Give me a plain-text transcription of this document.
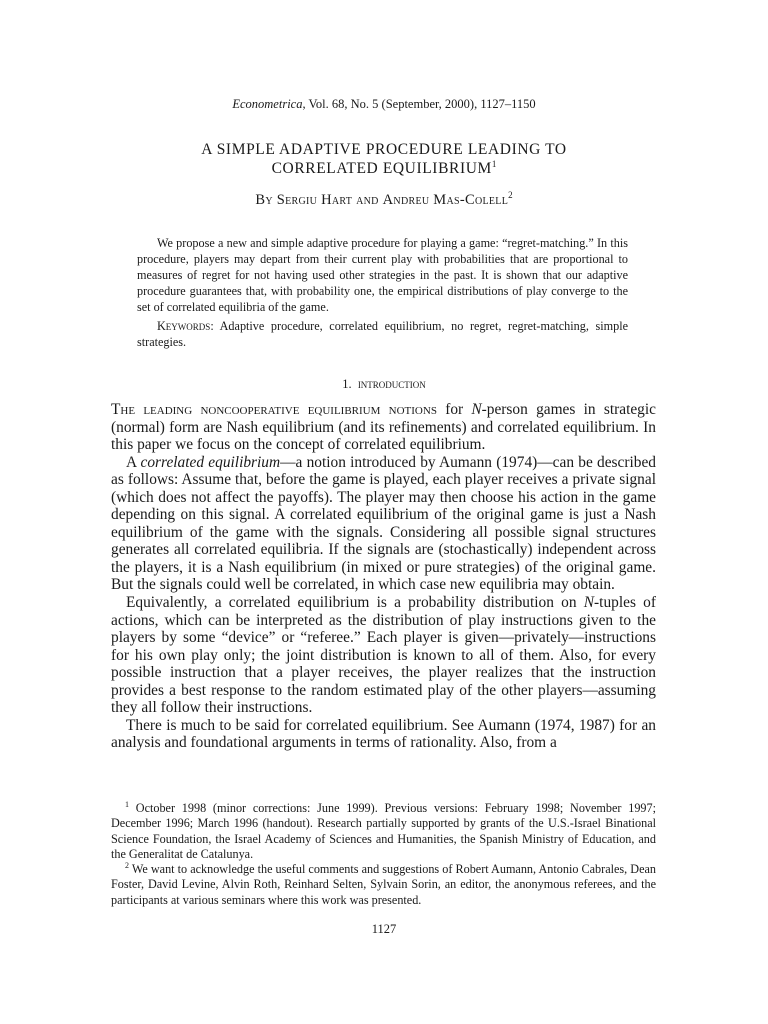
Econometrica, Vol. 68, No. 5 (September, 2000), 1127–1150
A SIMPLE ADAPTIVE PROCEDURE LEADING TO
CORRELATED EQUILIBRIUM$^1$
By Sergiu Hart and Andreu Mas-Colell$^2$

We propose a new and simple adaptive procedure for playing a game: “regret-matching.” In this procedure, players may depart from their current play with probabilities that are proportional to measures of regret for not having used other strategies in the past. It is shown that our adaptive procedure guarantees that, with probability one, the empirical distributions of play converge to the set of correlated equilibria of the game.

Keywords: Adaptive procedure, correlated equilibrium, no regret, regret-matching, simple strategies.

1. introduction

The leading noncooperative equilibrium notions for N-person games in strategic (normal) form are Nash equilibrium (and its refinements) and correlated equilibrium. In this paper we focus on the concept of correlated equilibrium.

A correlated equilibrium—a notion introduced by Aumann (1974)—can be described as follows: Assume that, before the game is played, each player receives a private signal (which does not affect the payoffs). The player may then choose his action in the game depending on this signal. A correlated equilibrium of the original game is just a Nash equilibrium of the game with the signals. Considering all possible signal structures generates all correlated equilibria. If the signals are (stochastically) independent across the players, it is a Nash equilibrium (in mixed or pure strategies) of the original game. But the signals could well be correlated, in which case new equilibria may obtain.

Equivalently, a correlated equilibrium is a probability distribution on N-tuples of actions, which can be interpreted as the distribution of play instructions given to the players by some “device” or “referee.” Each player is given—privately—instructions for his own play only; the joint distribution is known to all of them. Also, for every possible instruction that a player receives, the player realizes that the instruction provides a best response to the random estimated play of the other players—assuming they all follow their instructions.

There is much to be said for correlated equilibrium. See Aumann (1974, 1987) for an analysis and foundational arguments in terms of rationality. Also, from a

$^1$ October 1998 (minor corrections: June 1999). Previous versions: February 1998; November 1997; December 1996; March 1996 (handout). Research partially supported by grants of the U.S.-Israel Binational Science Foundation, the Israel Academy of Sciences and Humanities, the Spanish Ministry of Education, and the Generalitat de Catalunya.

$^2$ We want to acknowledge the useful comments and suggestions of Robert Aumann, Antonio Cabrales, Dean Foster, David Levine, Alvin Roth, Reinhard Selten, Sylvain Sorin, an editor, the anonymous referees, and the participants at various seminars where this work was presented.

1127
